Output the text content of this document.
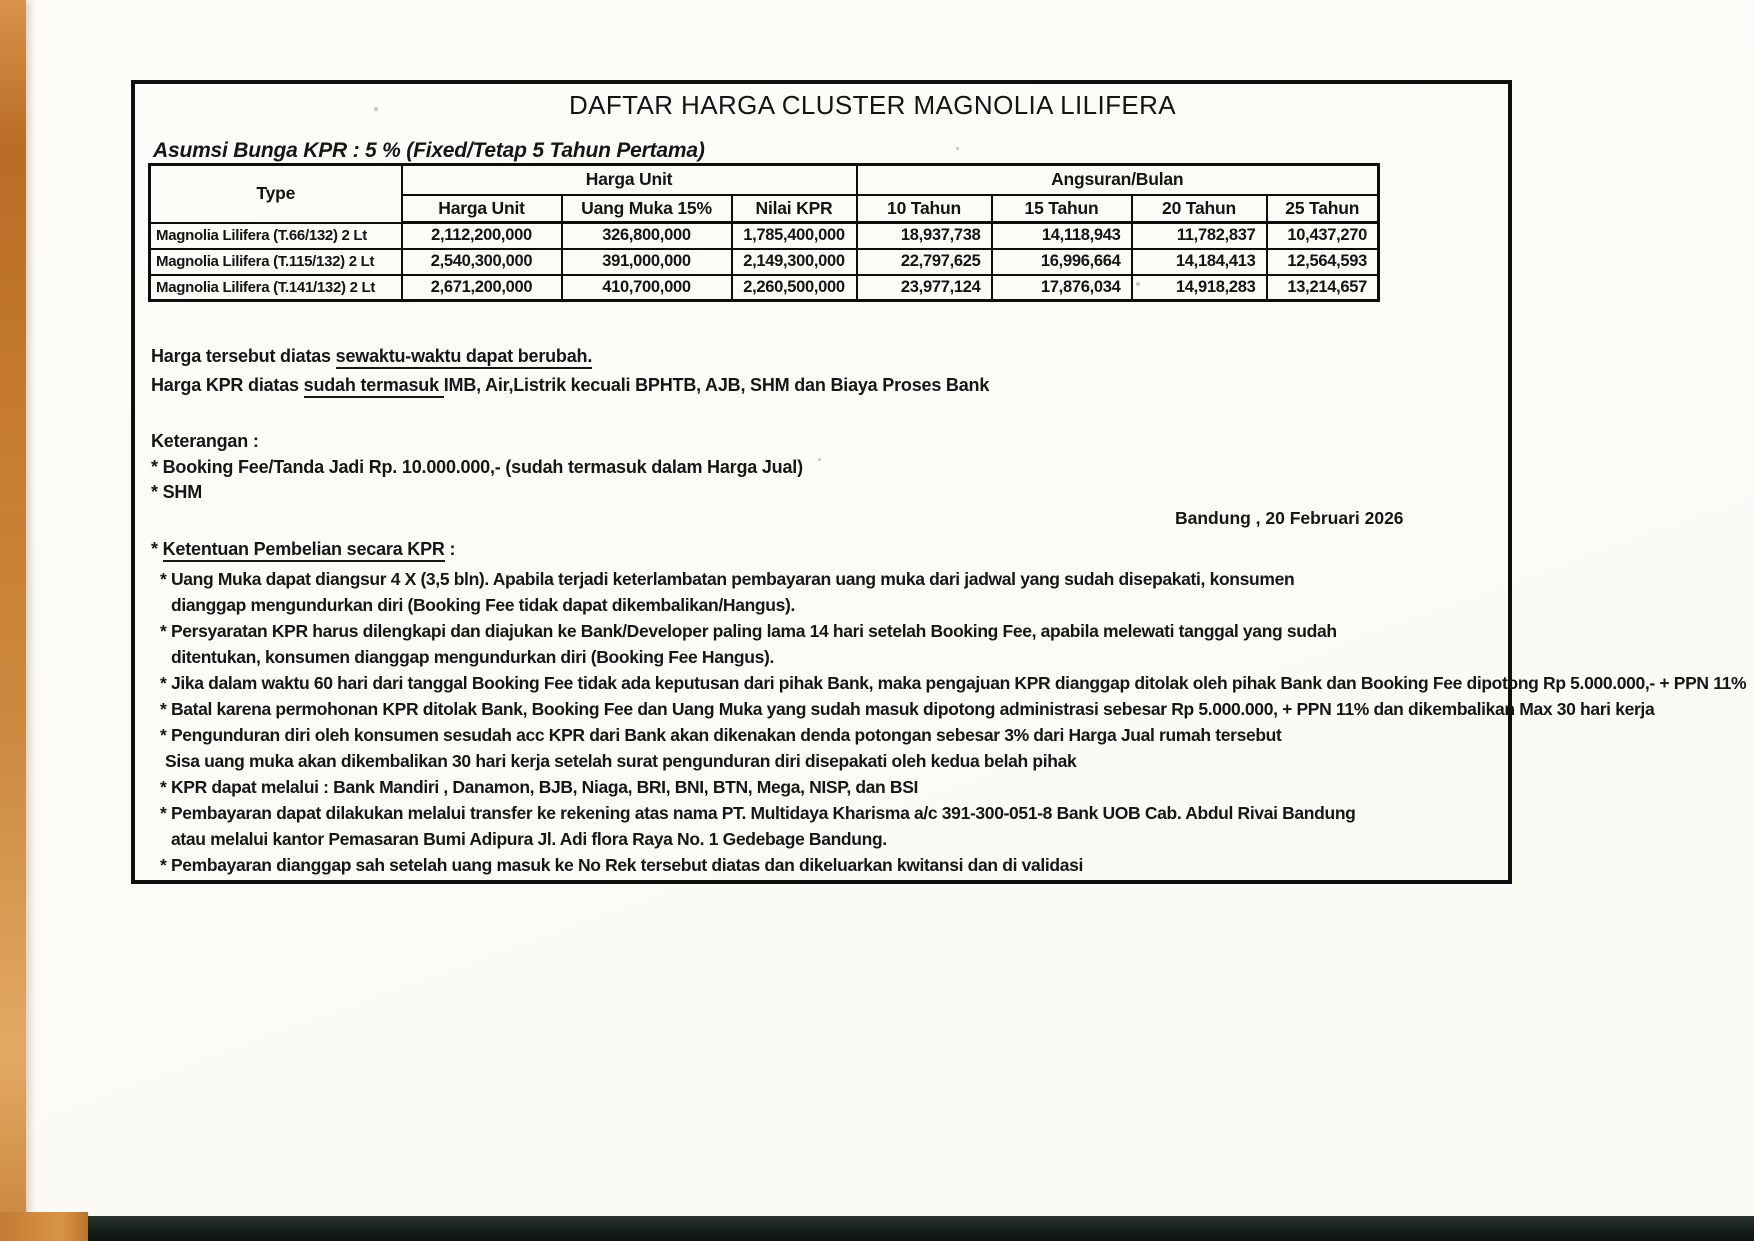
DAFTAR HARGA CLUSTER MAGNOLIA LILIFERA
Asumsi Bunga KPR : 5 % (Fixed/Tetap 5 Tahun Pertama)
Type	Harga Unit			Angsuran/Bulan			
	Harga Unit	Uang Muka 15%	Nilai KPR	10 Tahun	15 Tahun	20 Tahun	25 Tahun
Magnolia Lilifera (T.66/132) 2 Lt	2,112,200,000	326,800,000	1,785,400,000	18,937,738	14,118,943	11,782,837	10,437,270
Magnolia Lilifera (T.115/132) 2 Lt	2,540,300,000	391,000,000	2,149,300,000	22,797,625	16,996,664	14,184,413	12,564,593
Magnolia Lilifera (T.141/132) 2 Lt	2,671,200,000	410,700,000	2,260,500,000	23,977,124	17,876,034	14,918,283	13,214,657
Harga tersebut diatas sewaktu-waktu dapat berubah.
Harga KPR diatas sudah termasuk IMB, Air,Listrik kecuali BPHTB, AJB, SHM dan Biaya Proses Bank
Keterangan :
* Booking Fee/Tanda Jadi Rp. 10.000.000,- (sudah termasuk dalam Harga Jual)
* SHM
Bandung , 20 Februari 2026
* Ketentuan Pembelian secara KPR :
* Uang Muka dapat diangsur 4 X (3,5 bln). Apabila terjadi keterlambatan pembayaran uang muka dari jadwal yang sudah disepakati, konsumen
dianggap mengundurkan diri (Booking Fee tidak dapat dikembalikan/Hangus).
* Persyaratan KPR harus dilengkapi dan diajukan ke Bank/Developer paling lama 14 hari setelah Booking Fee, apabila melewati tanggal yang sudah
ditentukan, konsumen dianggap mengundurkan diri (Booking Fee Hangus).
* Jika dalam waktu 60 hari dari tanggal Booking Fee tidak ada keputusan dari pihak Bank, maka pengajuan KPR dianggap ditolak oleh pihak Bank dan Booking Fee dipotong Rp 5.000.000,- + PPN 11%
* Batal karena permohonan KPR ditolak Bank, Booking Fee dan Uang Muka yang sudah masuk dipotong administrasi sebesar Rp 5.000.000, + PPN 11% dan dikembalikan Max 30 hari kerja
* Pengunduran diri oleh konsumen sesudah acc KPR dari Bank akan dikenakan denda potongan sebesar 3% dari Harga Jual rumah tersebut
Sisa uang muka akan dikembalikan 30 hari kerja setelah surat pengunduran diri disepakati oleh kedua belah pihak
* KPR dapat melalui : Bank Mandiri , Danamon, BJB, Niaga, BRI, BNI, BTN, Mega, NISP, dan BSI
* Pembayaran dapat dilakukan melalui transfer ke rekening atas nama PT. Multidaya Kharisma a/c 391-300-051-8 Bank UOB Cab. Abdul Rivai Bandung
atau melalui kantor Pemasaran Bumi Adipura Jl. Adi flora Raya No. 1 Gedebage Bandung.
* Pembayaran dianggap sah setelah uang masuk ke No Rek tersebut diatas dan dikeluarkan kwitansi dan di validasi
